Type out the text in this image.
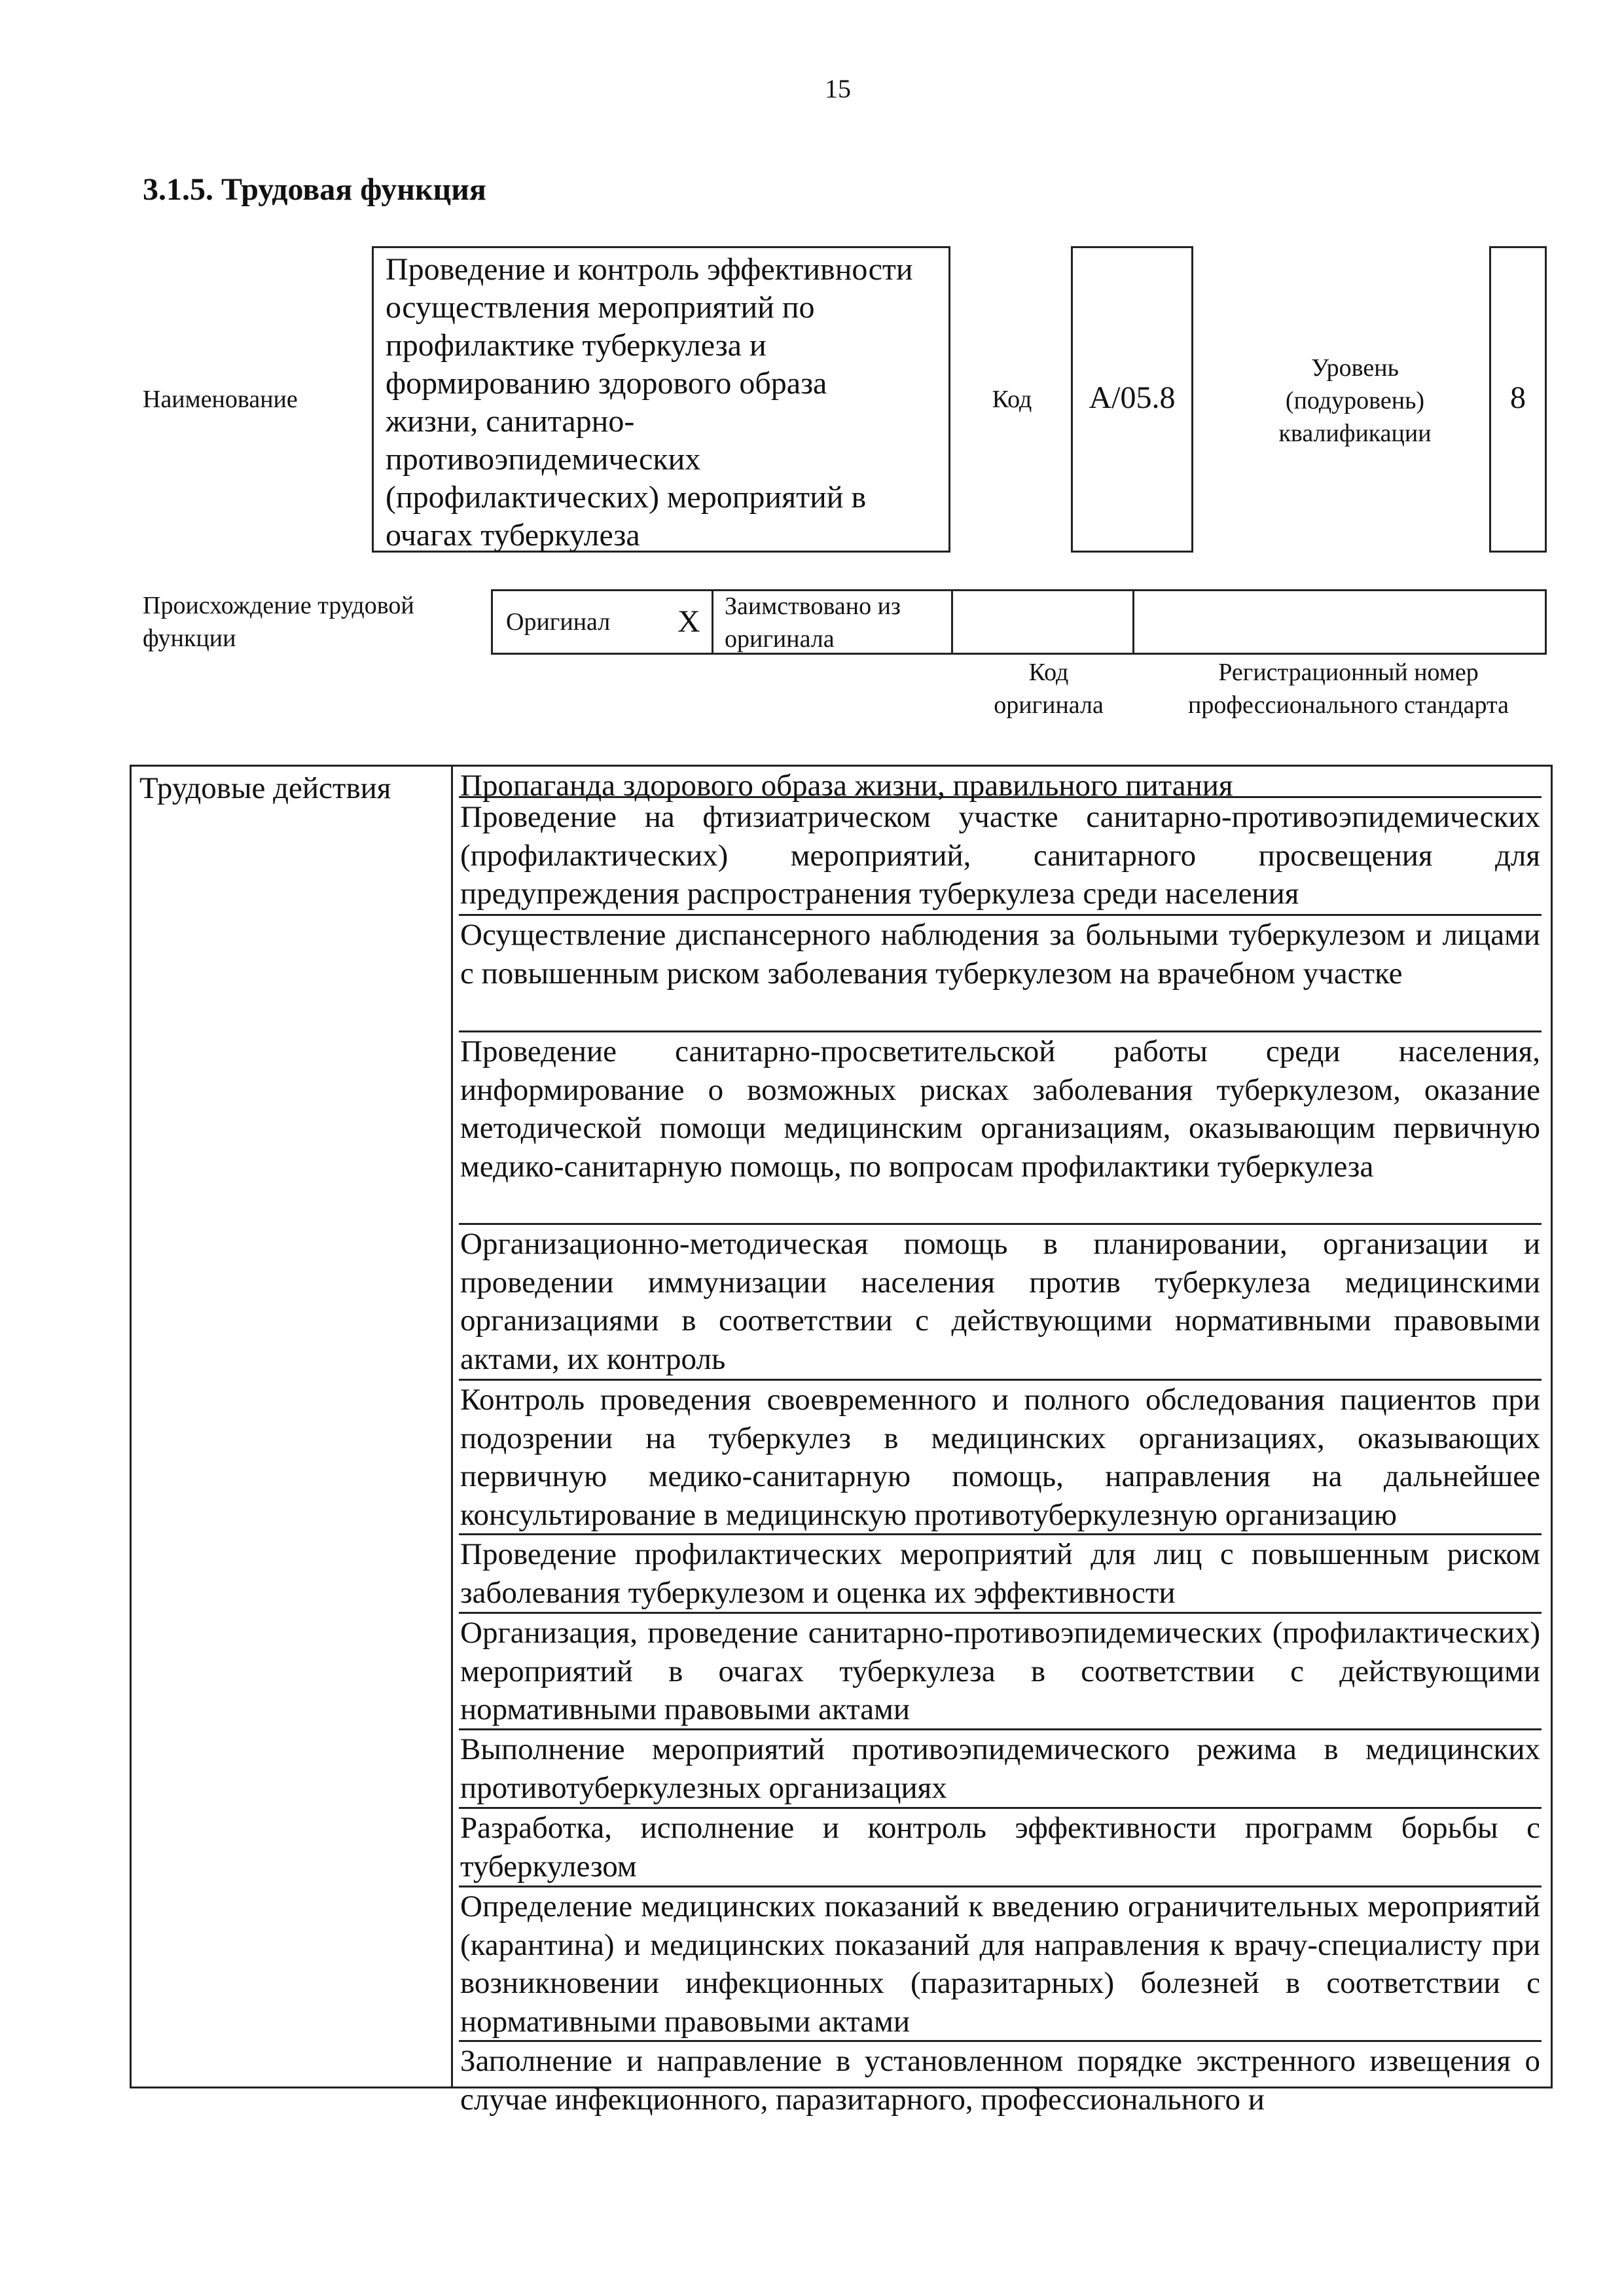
15
3.1.5. Трудовая функция
Наименование
Проведение и контроль эффективности
осуществления мероприятий по
профилактике туберкулеза и
формированию здорового образа
жизни, санитарно-
противоэпидемических
(профилактических) мероприятий в
очагах туберкулеза
Код	А/05.8
Уровень
(подуровень)
квалификации
8
Происхождение трудовой
функции
Оригинал X Заимствовано из
оригинала
Код
оригинала
Регистрационный номер
профессионального стандарта
Трудовые действия Пропаганда здорового образа жизни, правильного питания
Проведение на фтизиатрическом участке санитарно-противоэпидемических (профилактических) мероприятий, санитарного просвещения для предупреждения распространения туберкулеза среди населения
Осуществление диспансерного наблюдения за больными туберкулезом и лицами с повышенным риском заболевания туберкулезом на врачебном участке
Проведение санитарно-просветительской работы среди населения, информирование о возможных рисках заболевания туберкулезом, оказание методической помощи медицинским организациям, оказывающим первичную медико-санитарную помощь, по вопросам профилактики туберкулеза
Организационно-методическая помощь в планировании, организации и проведении иммунизации населения против туберкулеза медицинскими организациями в соответствии с действующими нормативными правовыми актами, их контроль
Контроль проведения своевременного и полного обследования пациентов при подозрении на туберкулез в медицинских организациях, оказывающих первичную медико-санитарную помощь, направления на дальнейшее консультирование в медицинскую противотуберкулезную организацию
Проведение профилактических мероприятий для лиц с повышенным риском заболевания туберкулезом и оценка их эффективности
Организация, проведение санитарно-противоэпидемических (профилактических) мероприятий в очагах туберкулеза в соответствии с действующими нормативными правовыми актами
Выполнение мероприятий противоэпидемического режима в медицинских противотуберкулезных организациях
Разработка, исполнение и контроль эффективности программ борьбы с туберкулезом
Определение медицинских показаний к введению ограничительных мероприятий (карантина) и медицинских показаний для направления к врачу-специалисту при возникновении инфекционных (паразитарных) болезней в соответствии с нормативными правовыми актами
Заполнение и направление в установленном порядке экстренного извещения о случае инфекционного, паразитарного, профессионального и
